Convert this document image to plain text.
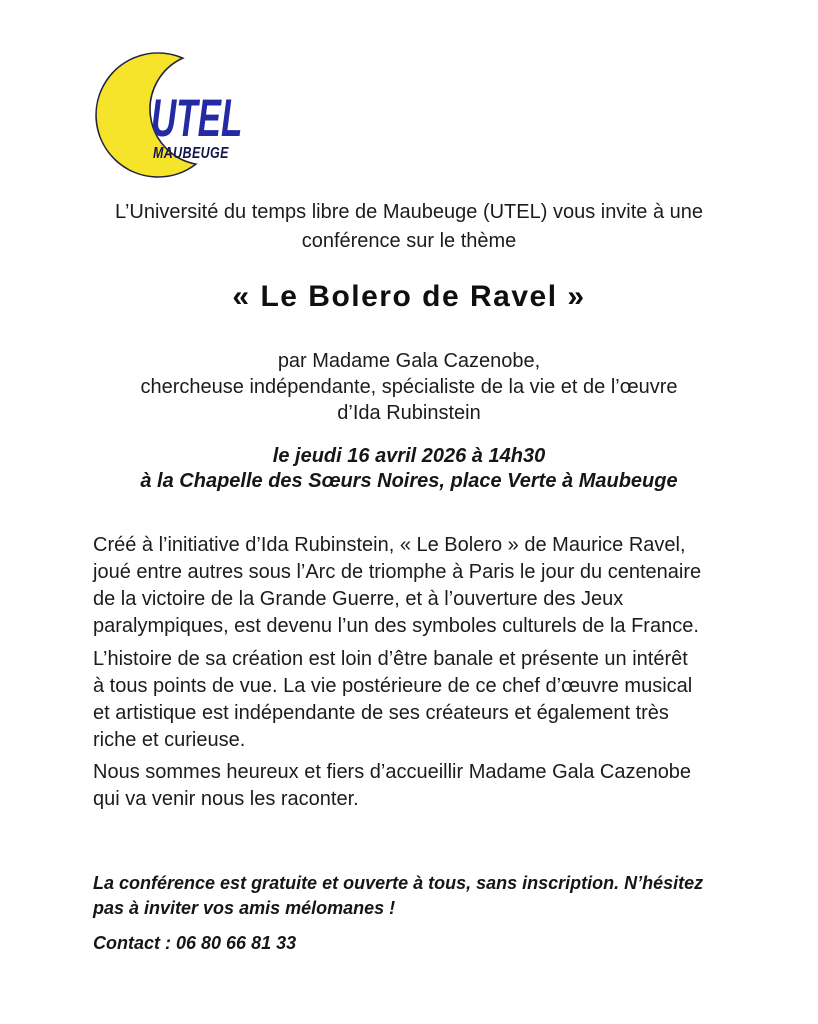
UTEL
MAUBEUGE
L’Université du temps libre de Maubeuge (UTEL) vous invite à une
conférence sur le thème
« Le Bolero de Ravel »
par Madame Gala Cazenobe,
chercheuse indépendante, spécialiste de la vie et de l’œuvre
d’Ida Rubinstein
le jeudi 16 avril 2026 à 14h30
à la Chapelle des Sœurs Noires, place Verte à Maubeuge
Créé à l’initiative d’Ida Rubinstein, « Le Bolero » de Maurice Ravel,
joué entre autres sous l’Arc de triomphe à Paris le jour du centenaire
de la victoire de la Grande Guerre, et à l’ouverture des Jeux
paralympiques, est devenu l’un des symboles culturels de la France.
L’histoire de sa création est loin d’être banale et présente un intérêt
à tous points de vue. La vie postérieure de ce chef d’œuvre musical
et artistique est indépendante de ses créateurs et également très
riche et curieuse.
Nous sommes heureux et fiers d’accueillir Madame Gala Cazenobe
qui va venir nous les raconter.
La conférence est gratuite et ouverte à tous, sans inscription. N’hésitez
pas à inviter vos amis mélomanes !
Contact : 06 80 66 81 33
